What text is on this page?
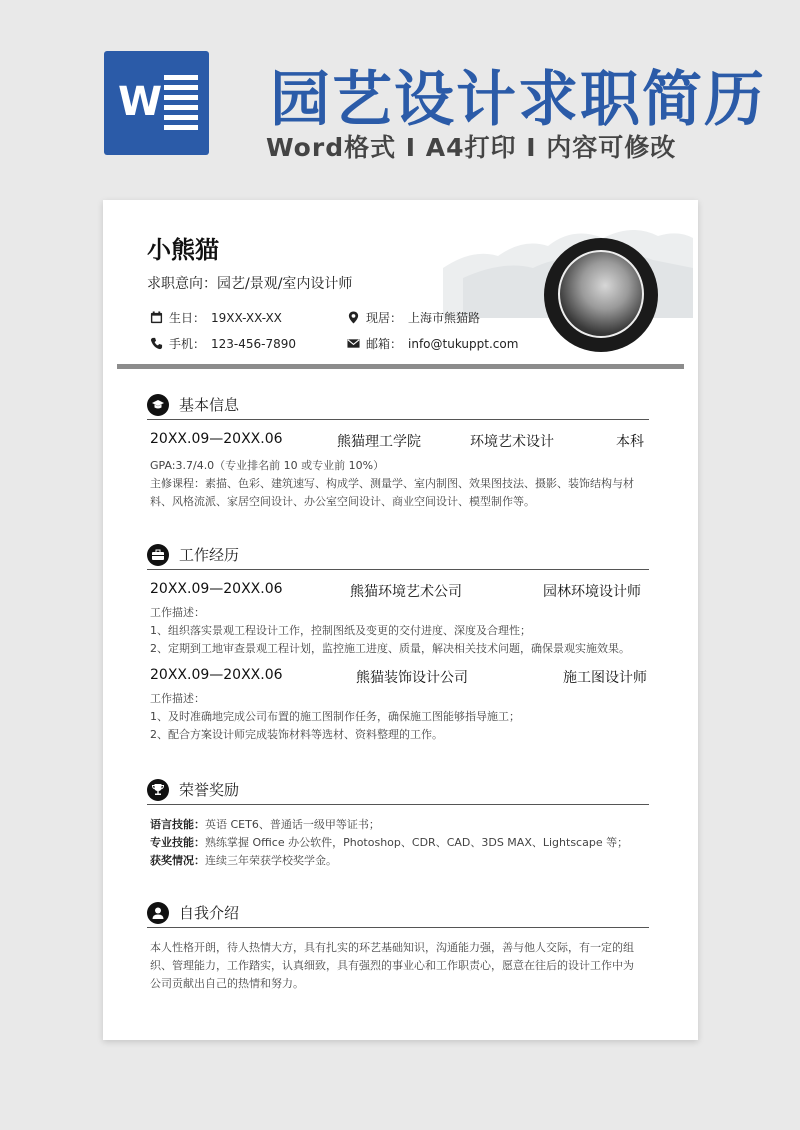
W 园艺设计求职简历
Word格式 I A4打印 I 内容可修改
小熊猫
求职意向：园艺/景观/室内设计师
生日： 19XX-XX-XX	现居： 上海市熊猫路
手机： 123-456-7890	邮箱： info@tukuppt.com
基本信息
20XX.09—20XX.06	熊猫理工学院	环境艺术设计	本科
GPA:3.7/4.0（专业排名前 10 或专业前 10%）
主修课程：素描、色彩、建筑速写、构成学、测量学、室内制图、效果图技法、摄影、装饰结构与材
料、风格流派、家居空间设计、办公室空间设计、商业空间设计、模型制作等。
工作经历
20XX.09—20XX.06	熊猫环境艺术公司	园林环境设计师
工作描述：
1、组织落实景观工程设计工作，控制图纸及变更的交付进度、深度及合理性；
2、定期到工地审查景观工程计划，监控施工进度、质量，解决相关技术问题，确保景观实施效果。
20XX.09—20XX.06	熊猫装饰设计公司	施工图设计师
工作描述：
1、及时准确地完成公司布置的施工图制作任务，确保施工图能够指导施工；
2、配合方案设计师完成装饰材料等选材、资料整理的工作。
荣誉奖励
语言技能：英语 CET6、普通话一级甲等证书；
专业技能：熟练掌握 Office 办公软件，Photoshop、CDR、CAD、3DS MAX、Lightscape 等；
获奖情况：连续三年荣获学校奖学金。
自我介绍
本人性格开朗，待人热情大方，具有扎实的环艺基础知识，沟通能力强，善与他人交际，有一定的组
织、管理能力，工作踏实，认真细致，具有强烈的事业心和工作职责心，愿意在往后的设计工作中为
公司贡献出自己的热情和努力。
